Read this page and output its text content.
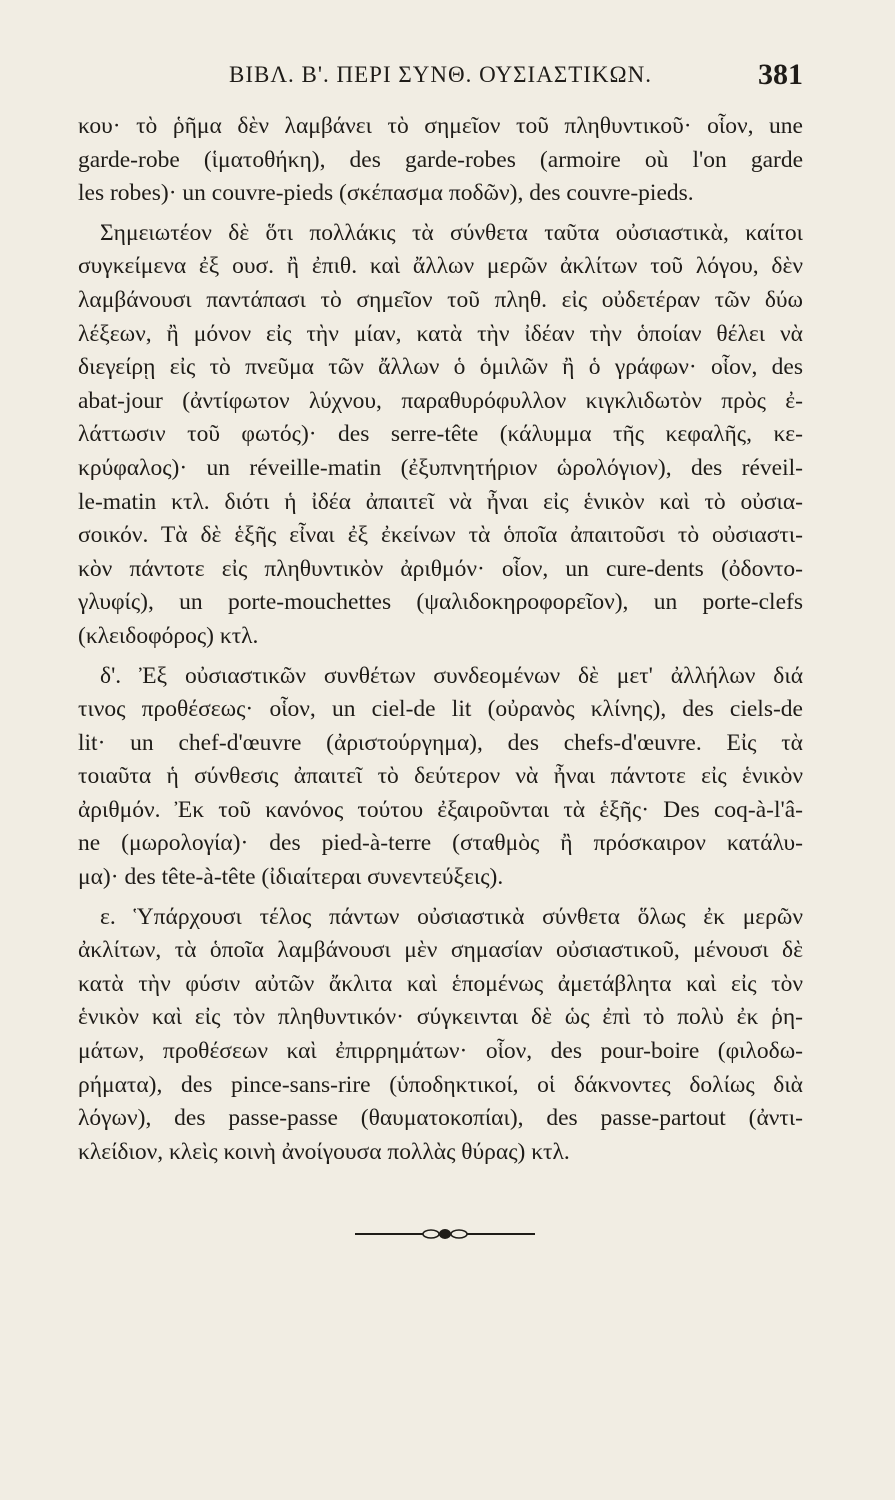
ΒΙΒΛ. Β'. ΠΕΡΙ ΣΥΝΘ. ΟΥΣΙΑΣΤΙΚΩΝ.	381
κου· τὸ ῥῆμα δὲν λαμβάνει τὸ σημεῖον τοῦ πληθυντικοῦ· οἷον, une
garde-robe (ἱματοθήκη), des garde-robes (armoire où l'on garde
les robes)· un couvre-pieds (σκέπασμα ποδῶν), des couvre-pieds.
Σημειωτέον δὲ ὅτι πολλάκις τὰ σύνθετα ταῦτα οὐσιαστικὰ, καίτοι
συγκείμενα ἐξ ουσ. ἢ ἐπιθ. καὶ ἄλλων μερῶν ἀκλίτων τοῦ λόγου, δὲν
λαμβάνουσι παντάπασι τὸ σημεῖον τοῦ πληθ. εἰς οὐδετέραν τῶν δύω
λέξεων, ἢ μόνον εἰς τὴν μίαν, κατὰ τὴν ἰδέαν τὴν ὁποίαν θέλει νὰ
διεγείρῃ εἰς τὸ πνεῦμα τῶν ἄλλων ὁ ὁμιλῶν ἢ ὁ γράφων· οἷον, des
abat-jour (ἀντίφωτον λύχνου, παραθυρόφυλλον κιγκλιδωτὸν πρὸς ἐ-
λάττωσιν τοῦ φωτός)· des serre-tête (κάλυμμα τῆς κεφαλῆς, κε-
κρύφαλος)· un réveille-matin (ἐξυπνητήριον ὡρολόγιον), des réveil-
le-matin κτλ. διότι ἡ ἰδέα ἀπαιτεῖ νὰ ἦναι εἰς ἑνικὸν καὶ τὸ οὐσια-
σοικόν. Τὰ δὲ ἑξῆς εἶναι ἐξ ἐκείνων τὰ ὁποῖα ἀπαιτοῦσι τὸ οὐσιαστι-
κὸν πάντοτε εἰς πληθυντικὸν ἀριθμόν· οἷον, un cure-dents (ὀδοντο-
γλυφίς), un porte-mouchettes (ψαλιδοκηροφορεῖον), un porte-clefs
(κλειδοφόρος) κτλ.
δ'. Ἐξ οὐσιαστικῶν συνθέτων συνδεομένων δὲ μετ' ἀλλήλων διά
τινος προθέσεως· οἷον, un ciel-de lit (οὐρανὸς κλίνης), des ciels-de
lit· un chef-d'œuvre (ἀριστούργημα), des chefs-d'œuvre. Εἰς τὰ
τοιαῦτα ἡ σύνθεσις ἀπαιτεῖ τὸ δεύτερον νὰ ἦναι πάντοτε εἰς ἑνικὸν
ἀριθμόν. Ἐκ τοῦ κανόνος τούτου ἐξαιροῦνται τὰ ἑξῆς· Des coq-à-l'â-
ne (μωρολογία)· des pied-à-terre (σταθμὸς ἢ πρόσκαιρον κατάλυ-
μα)· des tête-à-tête (ἰδιαίτεραι συνεντεύξεις).
ε. Ὑπάρχουσι τέλος πάντων οὐσιαστικὰ σύνθετα ὅλως ἐκ μερῶν
ἀκλίτων, τὰ ὁποῖα λαμβάνουσι μὲν σημασίαν οὐσιαστικοῦ, μένουσι δὲ
κατὰ τὴν φύσιν αὐτῶν ἄκλιτα καὶ ἑπομένως ἀμετάβλητα καὶ εἰς τὸν
ἑνικὸν καὶ εἰς τὸν πληθυντικόν· σύγκεινται δὲ ὡς ἐπὶ τὸ πολὺ ἐκ ῥη-
μάτων, προθέσεων καὶ ἐπιρρημάτων· οἷον, des pour-boire (φιλοδω-
ρήματα), des pince-sans-rire (ὑποδηκτικοί, οἱ δάκνοντες δολίως διὰ
λόγων), des passe-passe (θαυματοκοπίαι), des passe-partout (ἀντι-
κλείδιον, κλεὶς κοινὴ ἀνοίγουσα πολλὰς θύρας) κτλ.
